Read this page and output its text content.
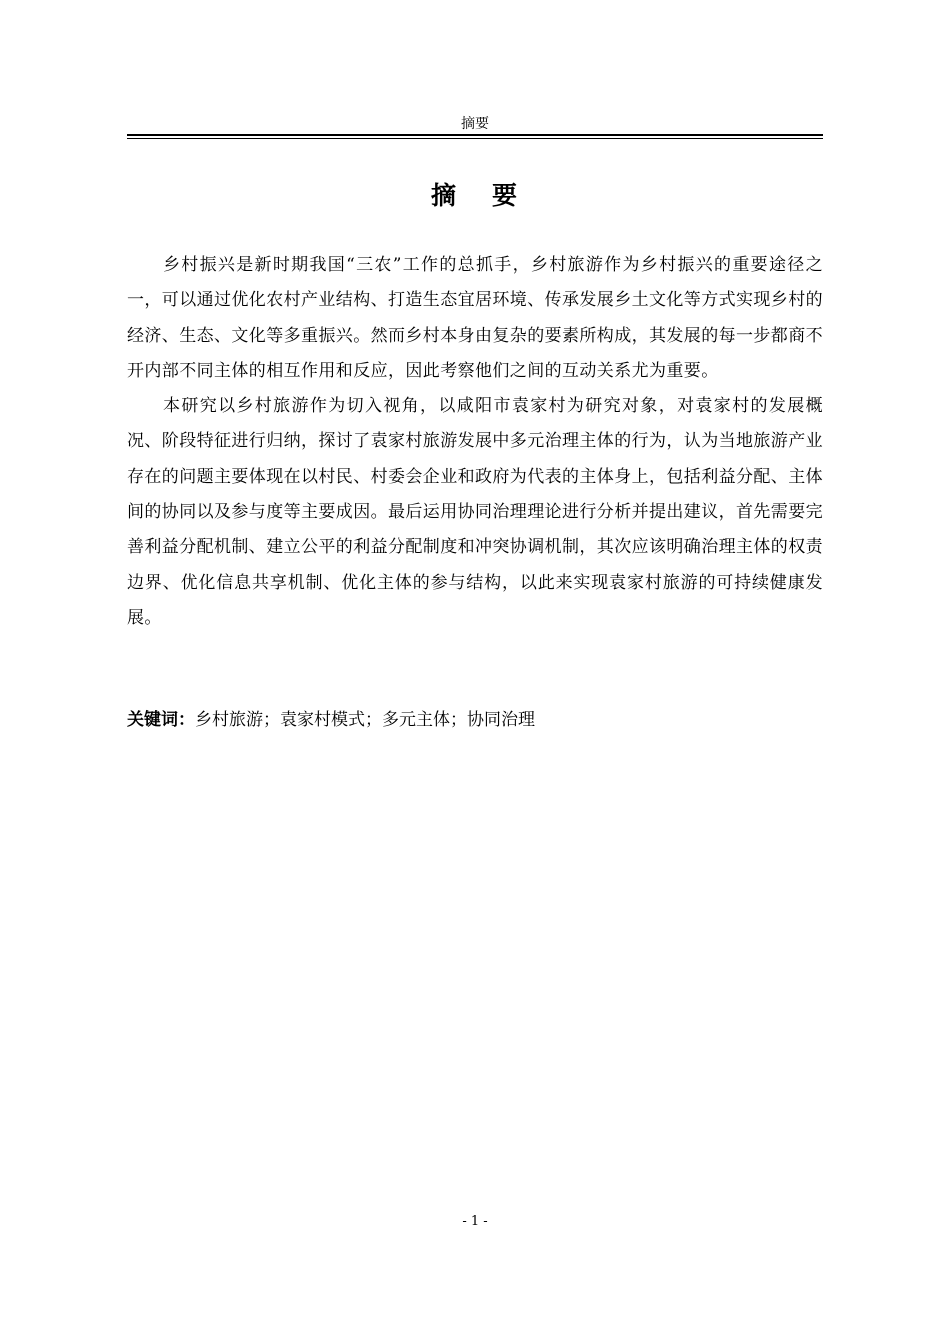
摘要
摘 要

乡村振兴是新时期我国“三农”工作的总抓手，乡村旅游作为乡村振兴的重要途径之一，可以通过优化农村产业结构、打造生态宜居环境、传承发展乡土文化等方式实现乡村的经济、生态、文化等多重振兴。然而乡村本身由复杂的要素所构成，其发展的每一步都商不开内部不同主体的相互作用和反应，因此考察他们之间的互动关系尤为重要。

本研究以乡村旅游作为切入视角，以咸阳市袁家村为研究对象，对袁家村的发展概况、阶段特征进行归纳，探讨了袁家村旅游发展中多元治理主体的行为，认为当地旅游产业存在的问题主要体现在以村民、村委会企业和政府为代表的主体身上，包括利益分配、主体间的协同以及参与度等主要成因。最后运用协同治理理论进行分析并提出建议，首先需要完善利益分配机制、建立公平的利益分配制度和冲突协调机制，其次应该明确治理主体的权责边界、优化信息共享机制、优化主体的参与结构，以此来实现袁家村旅游的可持续健康发展。

关键词：乡村旅游；袁家村模式；多元主体；协同治理
- 1 -
